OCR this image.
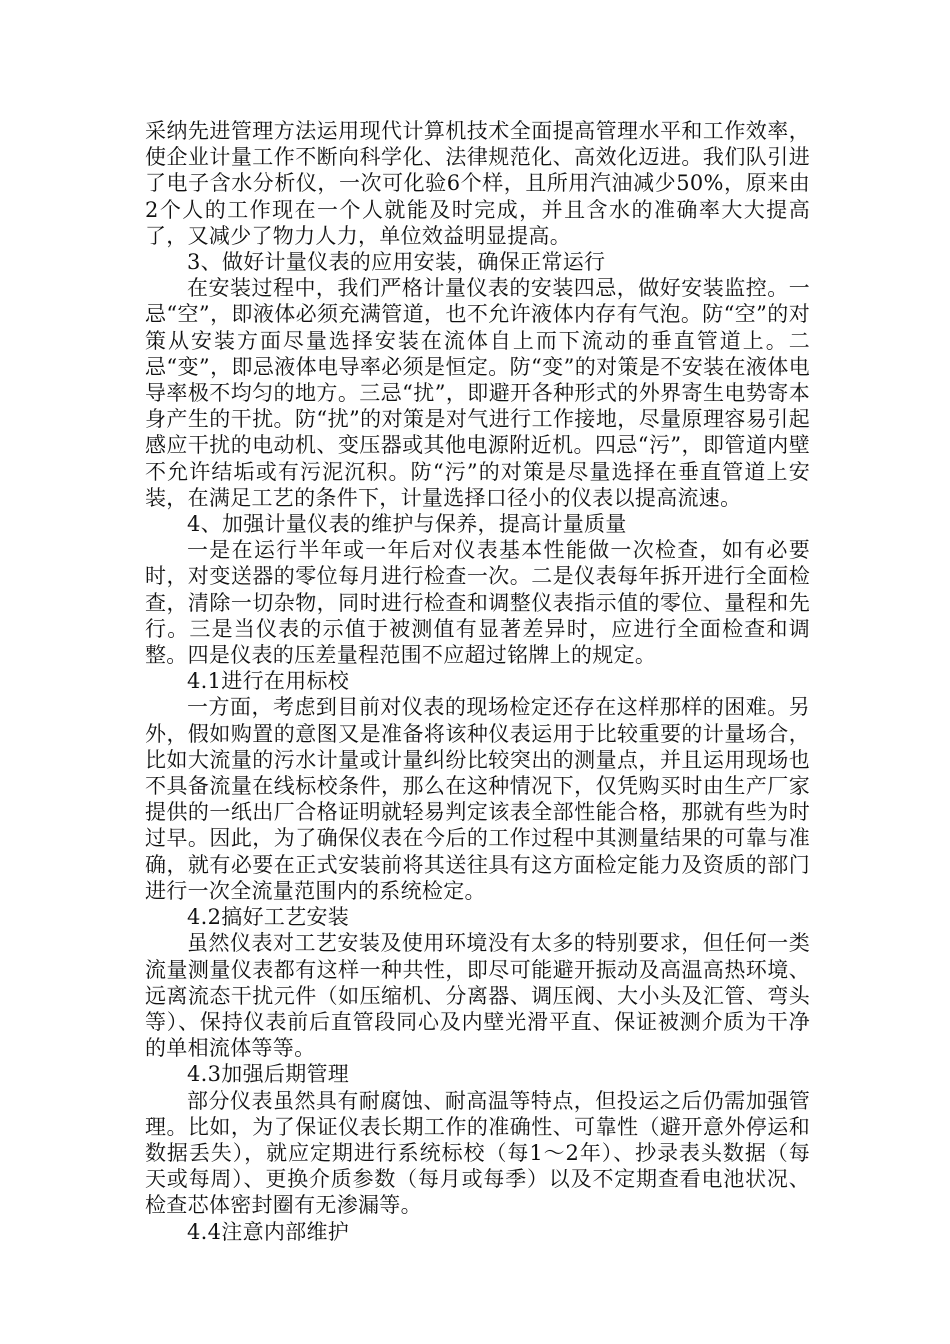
采纳先进管理方法运用现代计算机技术全面提高管理水平和工作效率，使企业计量工作不断向科学化、法律规范化、高效化迈进。我们队引进了电子含水分析仪，一次可化验6个样，且所用汽油减少50%，原来由2个人的工作现在一个人就能及时完成，并且含水的准确率大大提高了，又减少了物力人力，单位效益明显提高。

3、做好计量仪表的应用安装，确保正常运行

在安装过程中，我们严格计量仪表的安装四忌，做好安装监控。一忌“空”，即液体必须充满管道，也不允许液体内存有气泡。防“空”的对策从安装方面尽量选择安装在流体自上而下流动的垂直管道上。二忌“变”，即忌液体电导率必须是恒定。防“变”的对策是不安装在液体电导率极不均匀的地方。三忌“扰”，即避开各种形式的外界寄生电势寄本身产生的干扰。防“扰”的对策是对气进行工作接地，尽量原理容易引起感应干扰的电动机、变压器或其他电源附近机。四忌“污”，即管道内壁不允许结垢或有污泥沉积。防“污”的对策是尽量选择在垂直管道上安装，在满足工艺的条件下，计量选择口径小的仪表以提高流速。

4、加强计量仪表的维护与保养，提高计量质量

一是在运行半年或一年后对仪表基本性能做一次检查，如有必要时，对变送器的零位每月进行检查一次。二是仪表每年拆开进行全面检查，清除一切杂物，同时进行检查和调整仪表指示值的零位、量程和先行。三是当仪表的示值于被测值有显著差异时，应进行全面检查和调整。四是仪表的压差量程范围不应超过铭牌上的规定。

4.1进行在用标校

一方面，考虑到目前对仪表的现场检定还存在这样那样的困难。另外，假如购置的意图又是准备将该种仪表运用于比较重要的计量场合，比如大流量的污水计量或计量纠纷比较突出的测量点，并且运用现场也不具备流量在线标校条件，那么在这种情况下，仅凭购买时由生产厂家提供的一纸出厂合格证明就轻易判定该表全部性能合格，那就有些为时过早。因此，为了确保仪表在今后的工作过程中其测量结果的可靠与准确，就有必要在正式安装前将其送往具有这方面检定能力及资质的部门进行一次全流量范围内的系统检定。

4.2搞好工艺安装

虽然仪表对工艺安装及使用环境没有太多的特别要求，但任何一类流量测量仪表都有这样一种共性，即尽可能避开振动及高温高热环境、远离流态干扰元件（如压缩机、分离器、调压阀、大小头及汇管、弯头等）、保持仪表前后直管段同心及内壁光滑平直、保证被测介质为干净的单相流体等等。

4.3加强后期管理

部分仪表虽然具有耐腐蚀、耐高温等特点，但投运之后仍需加强管理。比如，为了保证仪表长期工作的准确性、可靠性（避开意外停运和数据丢失），就应定期进行系统标校（每1～2年）、抄录表头数据（每天或每周）、更换介质参数（每月或每季）以及不定期查看电池状况、检查芯体密封圈有无渗漏等。

4.4注意内部维护
